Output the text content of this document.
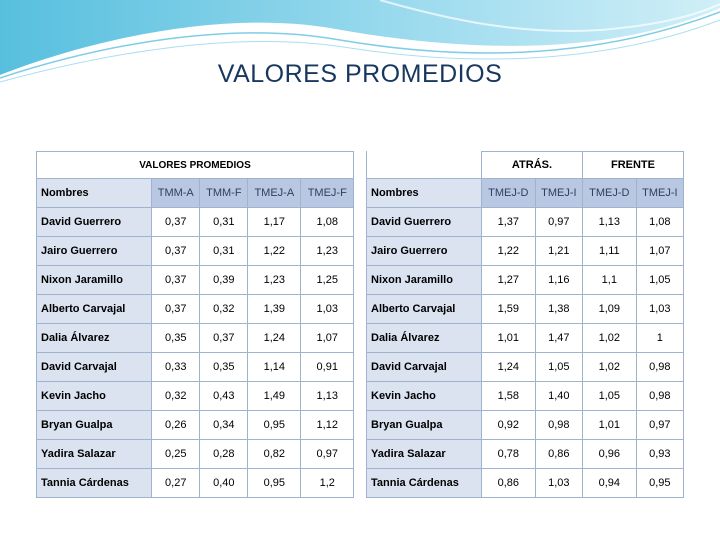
VALORES PROMEDIOS
VALORES PROMEDIOS				
Nombres	TMM-A	TMM-F	TMEJ-A	TMEJ-F
David Guerrero	0,37	0,31	1,17	1,08
Jairo Guerrero	0,37	0,31	1,22	1,23
Nixon Jaramillo	0,37	0,39	1,23	1,25
Alberto Carvajal	0,37	0,32	1,39	1,03
Dalia Álvarez	0,35	0,37	1,24	1,07
David Carvajal	0,33	0,35	1,14	0,91
Kevin Jacho	0,32	0,43	1,49	1,13
Bryan Gualpa	0,26	0,34	0,95	1,12
Yadira Salazar	0,25	0,28	0,82	0,97
Tannia Cárdenas	0,27	0,40	0,95	1,2
	ATRÁS.		FRENTE	
Nombres	TMEJ-D	TMEJ-I	TMEJ-D	TMEJ-I
David Guerrero	1,37	0,97	1,13	1,08
Jairo Guerrero	1,22	1,21	1,11	1,07
Nixon Jaramillo	1,27	1,16	1,1	1,05
Alberto Carvajal	1,59	1,38	1,09	1,03
Dalia Álvarez	1,01	1,47	1,02	1
David Carvajal	1,24	1,05	1,02	0,98
Kevin Jacho	1,58	1,40	1,05	0,98
Bryan Gualpa	0,92	0,98	1,01	0,97
Yadira Salazar	0,78	0,86	0,96	0,93
Tannia Cárdenas	0,86	1,03	0,94	0,95
